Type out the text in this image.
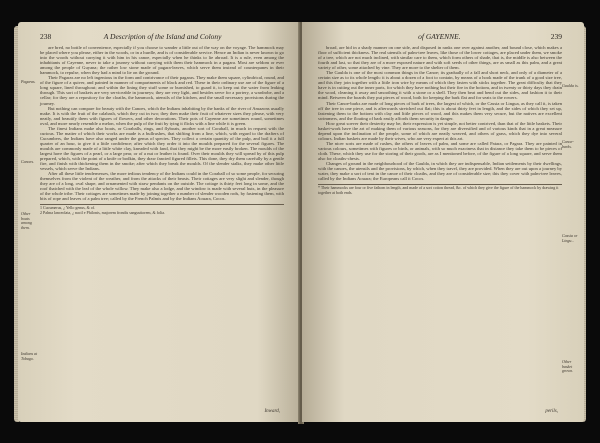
238	A Description of the Island and Colony
Pagaras.
Canoes.
Other boats among them.
Indians at Tobago.

are bred, no bottle of convenience, especially if you choose to wander a little out of the way on the voyage. The hammock may be placed where you please, either in the woods, or in a hurdle, and is of considerable service. Hence an Indian is never known to go into the woods without carrying it with him in his canoe, especially when he thinks to lie abroad. It is a rule, even among the inhabitants of Cayenne, never to take a journey without carrying with them their hammock in a pagara. Most are seldom or ever among the people of Guyana; the rather low stone made of pagara-leaves, which serve them instead of counterpanes in their hammock, to repulse, when they had a mind to lie on the ground.

Their Pagaras are no left ingenious in the form and contrivance of their pagaras. They make them square, cylindrical, round, and of the figure of a quiver, and painted in manner of compartments of black and red. These in their ordinary use are of the figure of a long square, lined throughout; and within the lining they stuff some or burnished, to guard it, to keep out the water from leaking through. This sort of baskets are very serviceable in journeys; they are very light, and besides serve for a portery, a wardrobe, and a cellar; for they are a repository for the cloaths, the hammock, utensils of the kitchen, and the small necessary provisions during the journey.

But nothing can compare for beauty with the Canoes, which the Indians inhabiting by the banks of the river of Amazons usually make. It is with the fruit of the calabash, which they cut in two; they then make their fruit of whatever sizes they please, with very neatly, and beautify them with figures of flowers, and other decorations. Their pots of Cayenne are sometimes round, sometimes oval, and more nearly resemble a melon, when the pulp of the fruit by tying it flicks with a line while it is green.

The finest Indians make also boats, or Coraballs, rings, and flyboats, another sort of Coraball, in much in request with the curious. The matter of which their works are made is a bullrushes, that shifting from a line, which, with regard to the drafters of Cucumbers, the Indians have also ranged under the genus of species. They collect a certain quantity of the pulp, and boil it a full quarter of an hour, to give it a little confidence; after which they order it into the moulds prepared for the several figures. The moulds are commonly made of a little white clay, kneaded with fand, that they might be the more easily broken. The moulds of the largest have the figures of a pearl, or a large pear, or of a nut or leather is found. Over their moulds they will spread by of this pulp prepared, which, with the point of a knife or bodkin, they draw fancied figured fillets. This done, they dry them carefully by a gentle fire, and finish with thickening them in the smoke; after which they break the moulds. Of the slender stalks, they make other little vessels, which serve the Indians.

After all these little tendernesses, the more tedious tendency of the Indians could in the Coraball of so some people, for securing themselves from the violent of the weather, and from the attacks of their beasts. Their cottages are very slight and slender, though they are of a long, oval shape, and ornamented with straw pendants on the outside. The cottage is thirty feet long in some, and the roof thatched with the leaf of the whole willow. They make also a lodge, and the window is made with several huts, in the pleasure of the whole tribe. Their cottages are sometimes made by joining together a number of slender wooden rods, by fastening them, with bits of rope and leaves of a palm tree; called by the French Palmis and by the Indians Aouara, Cocos.

1 Cucumerus, ¿ Yello genus, & of.
2 Palma lanceolata, ¿ nacil e Philonis, majorem frondis sangustiorem, & folia.
Inward,
of GAYENNE.	239
Gaulda is.
Canoe-barks.
Cassia or Lingu...
Other basket grown.

broad, are hid in a shady manner on one side, and disposed in ranks one over against another, and bound close, which makes a floor of sufficient thickness. The real utensils of palm-tree leaves, like those of the lower cottages, are placed under them, we smoke of a tree, which are not much inclined, with similar care to them, which form others of shade, that is, the middle is also between the fourth and last, so that they are of a more exposed nature and with soft seeds of other things, are as small as this palm, and a great variety of other, some attached by vine. They are more to the shelter of them.

The Gaulda is one of the most common things in the Canoe; its gradually of a fall and short neck, and only of a diameter of a certain size as to its whole length: it is about a dozen of a foot to contain, by means of a hook made of the trunk of a good size tree, and this they join together with a little iron wire by means of which they fasten with sticks together. The great difficulty that they have is in cutting out the inner parts, for which they have nothing but their fire in the bottom, and in twenty or thirty days they drain the wood, cleaning it away and smoothing it with a stone or a shell. They then beat and bend out the sides, and fashion it to their mind. Between the boards they put pieces of wood, both for keeping the bark flat and for seats to the rowers.

Their Canoe-barks are made of long pieces of bark of trees, the largest of which, or the Cassia or Lingua, as they call it, is taken off the tree in one piece, and is afterwards stretched out flat; this is about thirty feet in length, and the sides of which they set up, fastening them to the bottom with clay and little pieces of wood, and this makes them very secure, but the natives are excellent swimmers, and the floating of bark easily affords them security in danger.

How great soever their dexterity may be, their expression is yet simple, not better contrived, than that of the little baskets. Their basket-work have the art of making them of various seasons, for they are diversified and of various kinds that in a great measure depend upon the inclination of the people, some of which are neatly weaved, and others of grass, which they dye into several colours. Indian baskets are made by their wives, who are very expert at this art.

The nicer sorts are made of rushes, the others of leaves of palm, and some are called Patara, or Pagara. They are painted in various colours, sometimes with figures or birds, or animals, with so much exactness that in distance they take them to be pieces of cloth. These, which they use for the storing of their goods, are as I mentioned before, of the figure of a long square, and serve them also for cloaths-chests.

Changes of ground in the neighbourhood of the Gaulda, in which they are indispensable, Indian settlements by their dwellings, with the canoes, the utensils and the provisions, by which, when they travel, they are provided. When they are out upon a journey by water, they make a sort of tent in the canoe of their cloaths, and they are of considerable size; this they cover with palm-tree leaves, called by the Indians Aouara; the Europeans call it Cocos.

* Their hammocks are four or five fathom in length, and made of a sort cotton thread, &c. of which they give the figure of the hammock by drawing it together at both ends.
perils,
